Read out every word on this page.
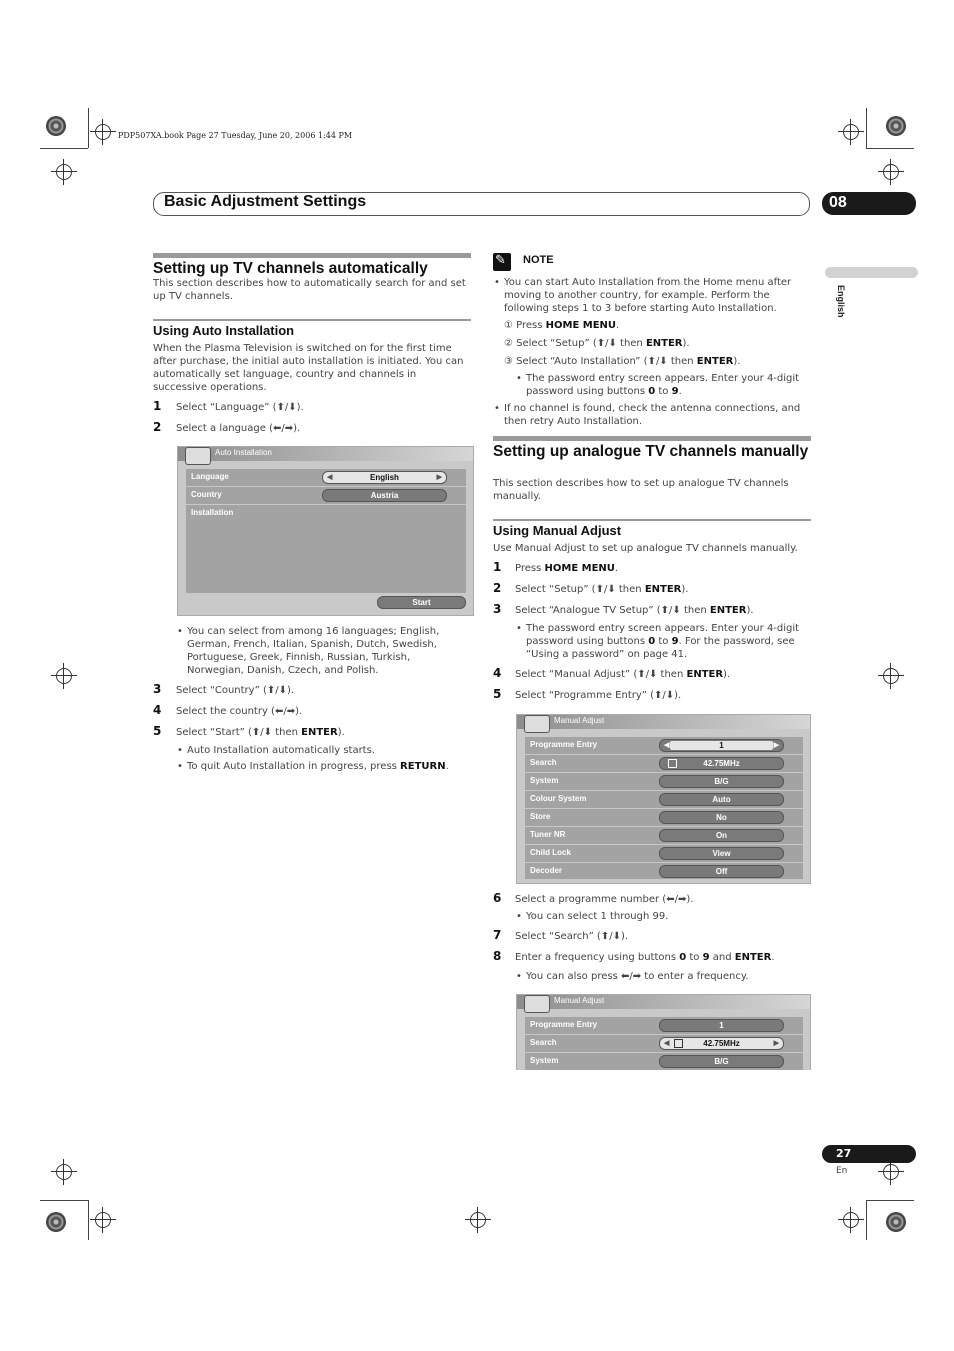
PDP507XA.book Page 27 Tuesday, June 20, 2006 1:44 PM
Basic Adjustment Settings	08
English
Setting up TV channels automatically
This section describes how to automatically search for and set up TV channels.
Using Auto Installation
When the Plasma Television is switched on for the first time after purchase, the initial auto installation is initiated. You can automatically set language, country and channels in successive operations.
1 Select “Language” (⬆/⬇).
2 Select a language (⬅/➡).
Auto Installation
Language	◀	English	▶
Country	Austria
Installation
Start
• You can select from among 16 languages; English, German, French, Italian, Spanish, Dutch, Swedish, Portuguese, Greek, Finnish, Russian, Turkish, Norwegian, Danish, Czech, and Polish.
3 Select “Country” (⬆/⬇).
4 Select the country (⬅/➡).
5 Select “Start” (⬆/⬇ then ENTER).
• Auto Installation automatically starts.
• To quit Auto Installation in progress, press RETURN.
✎
NOTE
• You can start Auto Installation from the Home menu after moving to another country, for example. Perform the following steps 1 to 3 before starting Auto Installation.
① Press HOME MENU.
② Select “Setup” (⬆/⬇ then ENTER).
③ Select “Auto Installation” (⬆/⬇ then ENTER).
• The password entry screen appears. Enter your 4-digit password using buttons 0 to 9.
• If no channel is found, check the antenna connections, and then retry Auto Installation.
Setting up analogue TV channels manually
This section describes how to set up analogue TV channels manually.
Using Manual Adjust
Use Manual Adjust to set up analogue TV channels manually.
1 Press HOME MENU.
2 Select “Setup” (⬆/⬇ then ENTER).
3 Select “Analogue TV Setup” (⬆/⬇ then ENTER).
• The password entry screen appears. Enter your 4-digit password using buttons 0 to 9. For the password, see “Using a password” on page 41.
4 Select “Manual Adjust” (⬆/⬇ then ENTER).
5 Select “Programme Entry” (⬆/⬇).
Manual Adjust
Programme Entry	◀	1	▶
Search	42.75MHz
System	B/G
Colour System	Auto
Store	No
Tuner NR	On
Child Lock	View
Decoder	Off
6 Select a programme number (⬅/➡).
• You can select 1 through 99.
7 Select “Search” (⬆/⬇).
8 Enter a frequency using buttons 0 to 9 and ENTER.
• You can also press ⬅/➡ to enter a frequency.
Manual Adjust
Programme Entry	1
Search	◀	42.75MHz	▶
System	B/G
27
En
